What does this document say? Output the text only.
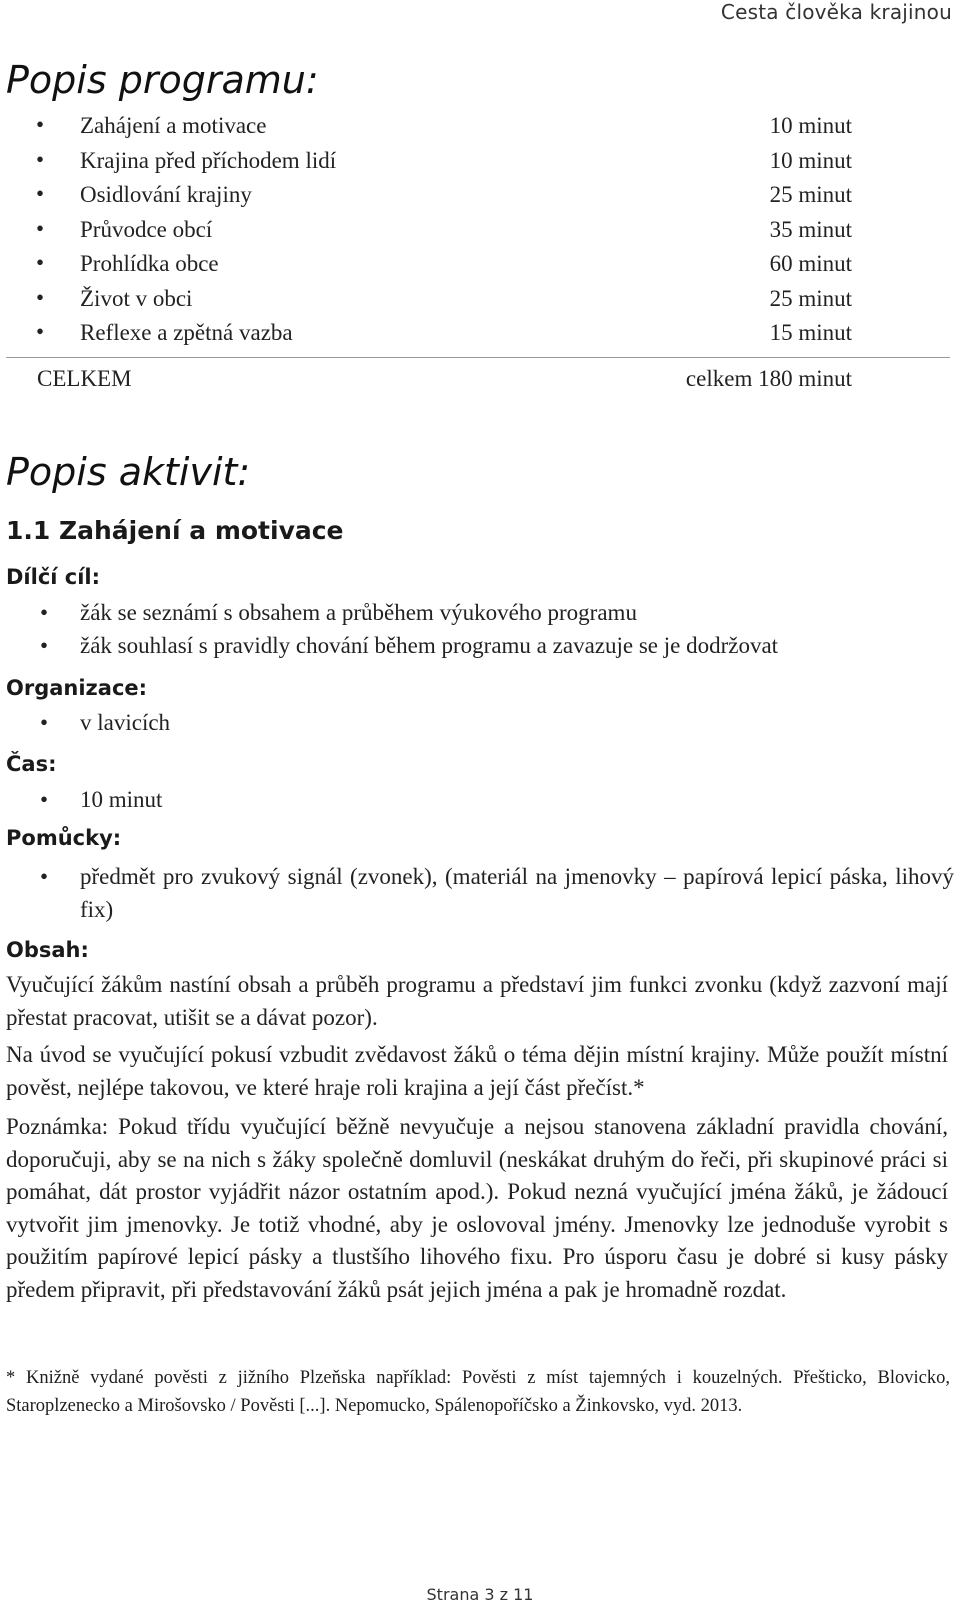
Cesta člověka krajinou
Popis programu:
• Zahájení a motivace	10 minut
• Krajina před příchodem lidí	10 minut
• Osidlování krajiny	25 minut
• Průvodce obcí	35 minut
• Prohlídka obce	60 minut
• Život v obci	25 minut
• Reflexe a zpětná vazba	15 minut
CELKEM	celkem 180 minut
Popis aktivit:
1.1 Zahájení a motivace
Dílčí cíl:
• žák se seznámí s obsahem a průběhem výukového programu
• žák souhlasí s pravidly chování během programu a zavazuje se je dodržovat
Organizace:
• v lavicích
Čas:
• 10 minut
Pomůcky:
• předmět pro zvukový signál (zvonek), (materiál na jmenovky – papírová lepicí páska, lihový fix)
Obsah:
Vyučující žákům nastíní obsah a průběh programu a představí jim funkci zvonku (když zazvoní mají přestat pracovat, utišit se a dávat pozor).
Na úvod se vyučující pokusí vzbudit zvědavost žáků o téma dějin místní krajiny. Může použít místní pověst, nejlépe takovou, ve které hraje roli krajina a její část přečíst.*
Poznámka: Pokud třídu vyučující běžně nevyučuje a nejsou stanovena základní pravidla chování, doporučuji, aby se na nich s žáky společně domluvil (neskákat druhým do řeči, při skupinové práci si pomáhat, dát prostor vyjádřit názor ostatním apod.). Pokud nezná vyučující jména žáků, je žádoucí vytvořit jim jmenovky. Je totiž vhodné, aby je oslovoval jmény. Jmenovky lze jednoduše vyrobit s použitím papírové lepicí pásky a tlustšího lihového fixu. Pro úsporu času je dobré si kusy pásky předem připravit, při představování žáků psát jejich jména a pak je hromadně rozdat.
* Knižně vydané pověsti z jižního Plzeňska například: Pověsti z míst tajemných i kouzelných. Přešticko, Blovicko, Staroplzenecko a Mirošovsko / Pověsti [...]. Nepomucko, Spálenopoříčsko a Žinkovsko, vyd. 2013.
Strana 3 z 11
